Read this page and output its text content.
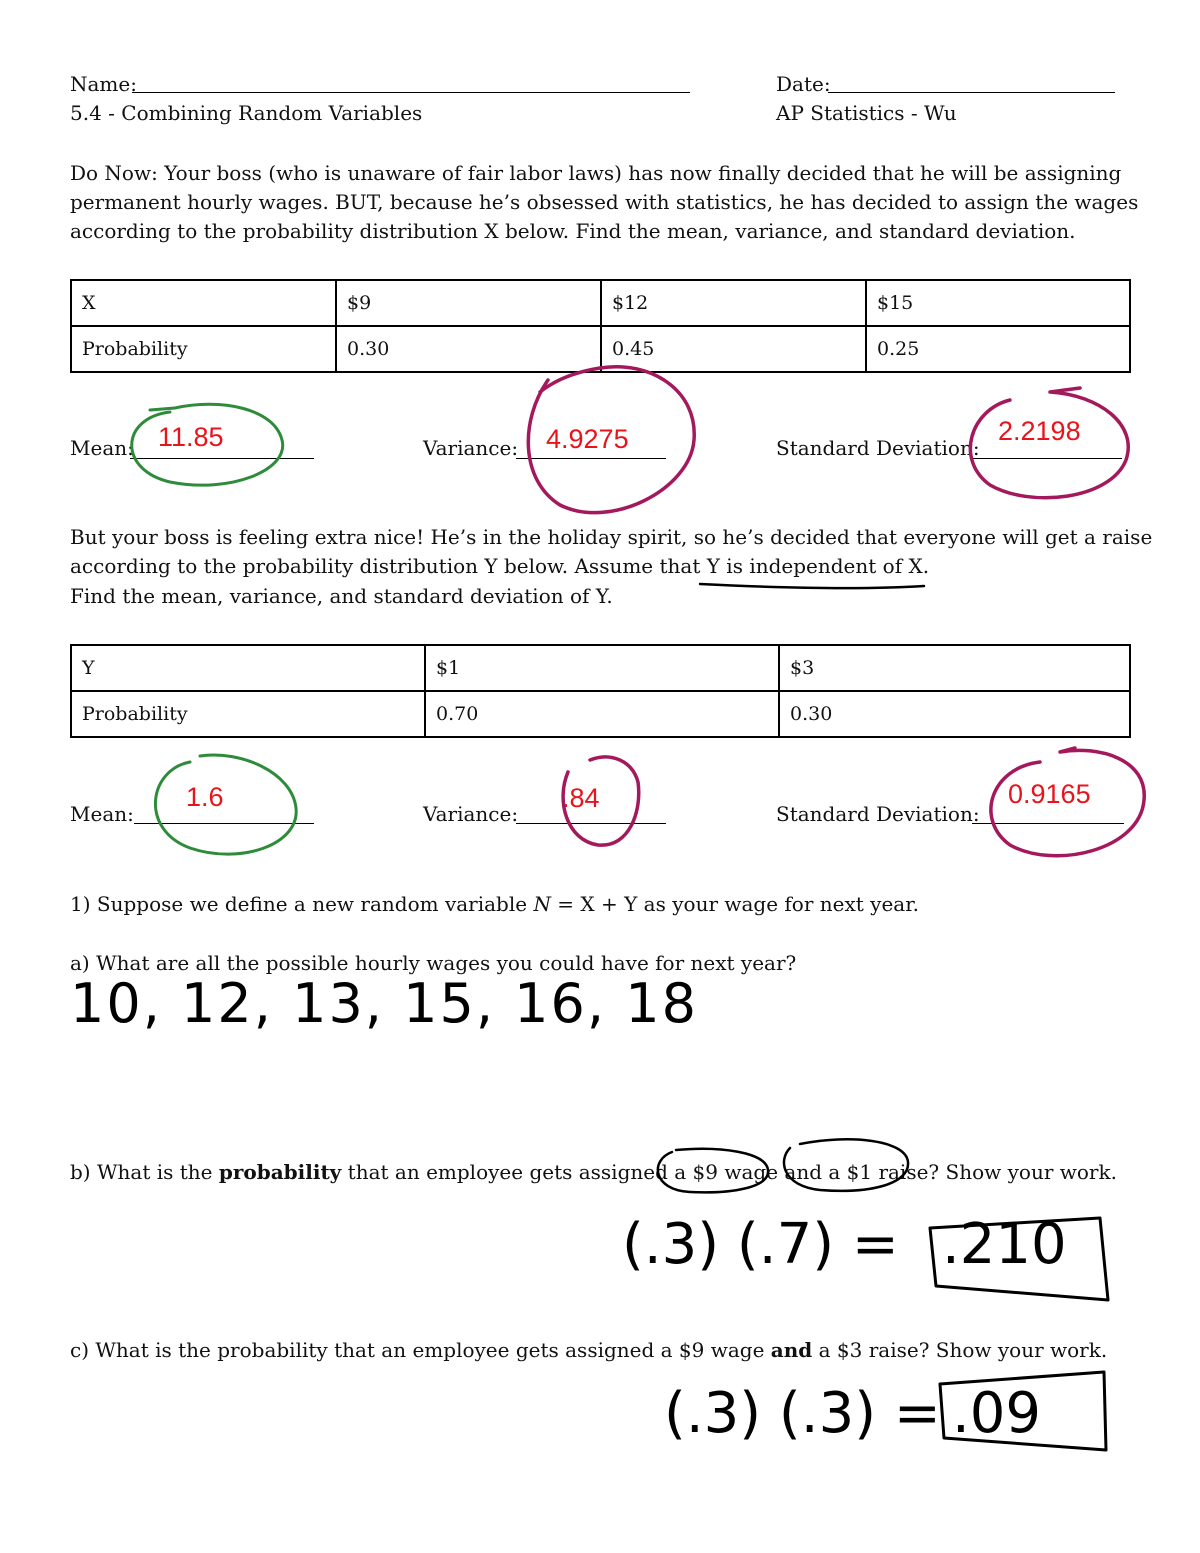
Name:	Date:
5.4 - Combining Random Variables	AP Statistics - Wu
Do Now: Your boss (who is unaware of fair labor laws) has now finally decided that he will be assigning
permanent hourly wages. BUT, because he’s obsessed with statistics, he has decided to assign the wages
according to the probability distribution X below. Find the mean, variance, and standard deviation.
X	$9	$12	$15
Probability	0.30	0.45	0.25
Mean: 11.85	Variance: 4.9275	Standard Deviation:
2.2198
But your boss is feeling extra nice! He’s in the holiday spirit, so he’s decided that everyone will get a raise
according to the probability distribution Y below. Assume that Y is independent of X.
Find the mean, variance, and standard deviation of Y.
Y	$1	$3
Probability	0.70	0.30
Mean:
1.6
Variance:
.84
Standard Deviation:
0.9165
1) Suppose we define a new random variable N = X + Y as your wage for next year.
a) What are all the possible hourly wages you could have for next year?
10, 12, 13, 15, 16, 18
b) What is the probability that an employee gets assigned a $9 wage and a $1 raise? Show your work.
(.3) (.7) = .210
c) What is the probability that an employee gets assigned a $9 wage and a $3 raise? Show your work.
(.3) (.3) = .09
